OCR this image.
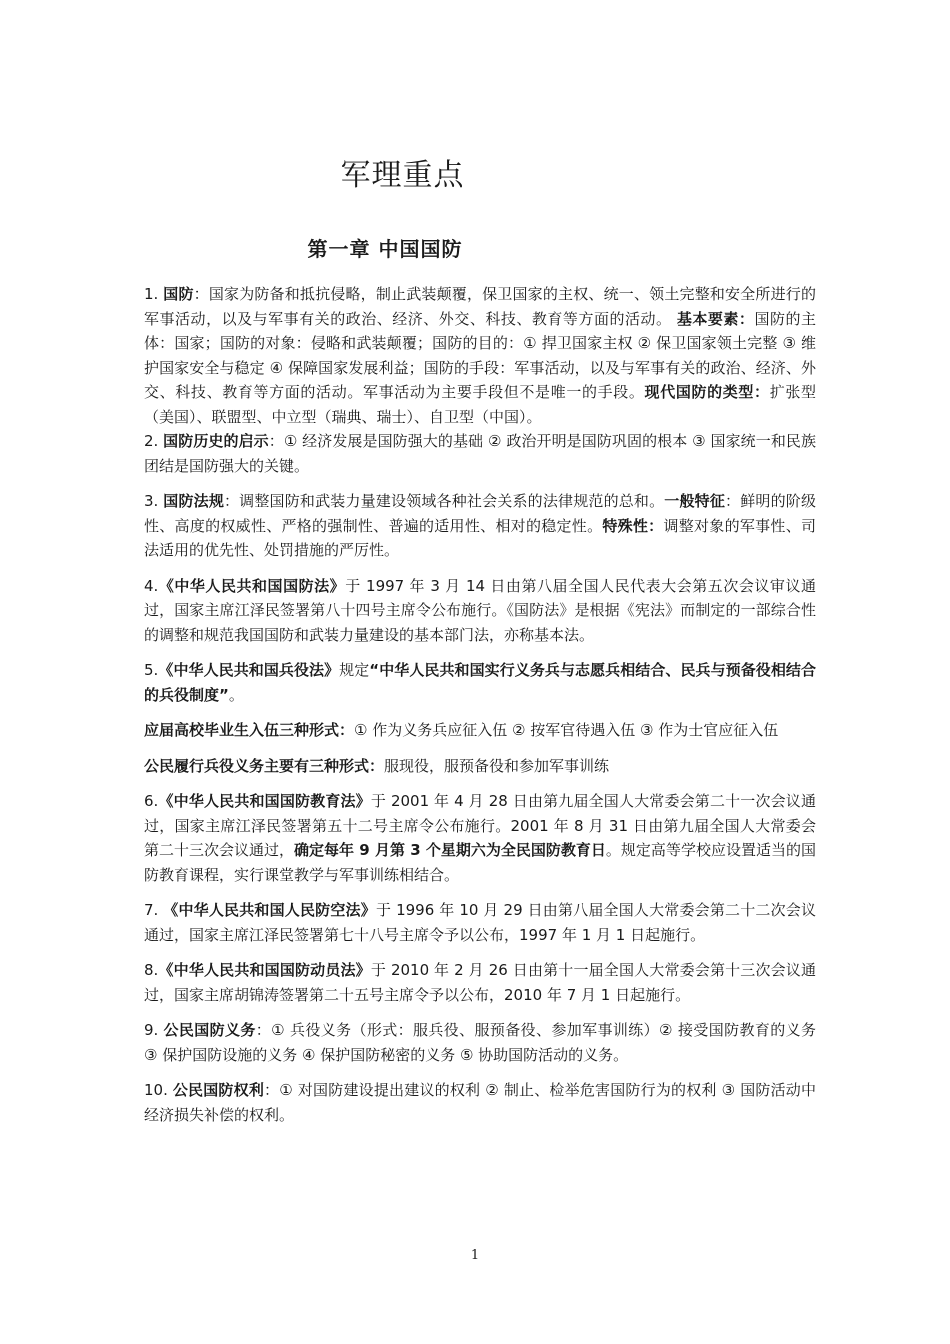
军理重点
第一章 中国国防

1. 国防：国家为防备和抵抗侵略，制止武装颠覆，保卫国家的主权、统一、领土完整和安全所进行的军事活动，以及与军事有关的政治、经济、外交、科技、教育等方面的活动。 基本要素：国防的主体：国家；国防的对象：侵略和武装颠覆；国防的目的：① 捍卫国家主权 ② 保卫国家领土完整 ③ 维护国家安全与稳定 ④ 保障国家发展利益；国防的手段：军事活动，以及与军事有关的政治、经济、外交、科技、教育等方面的活动。军事活动为主要手段但不是唯一的手段。现代国防的类型：扩张型（美国）、联盟型、中立型（瑞典、瑞士）、自卫型（中国）。

2. 国防历史的启示：① 经济发展是国防强大的基础 ② 政治开明是国防巩固的根本 ③ 国家统一和民族团结是国防强大的关键。

3. 国防法规：调整国防和武装力量建设领域各种社会关系的法律规范的总和。一般特征：鲜明的阶级性、高度的权威性、严格的强制性、普遍的适用性、相对的稳定性。特殊性：调整对象的军事性、司法适用的优先性、处罚措施的严厉性。

4.《中华人民共和国国防法》于 1997 年 3 月 14 日由第八届全国人民代表大会第五次会议审议通过，国家主席江泽民签署第八十四号主席令公布施行。《国防法》是根据《宪法》而制定的一部综合性的调整和规范我国国防和武装力量建设的基本部门法，亦称基本法。

5.《中华人民共和国兵役法》规定“中华人民共和国实行义务兵与志愿兵相结合、民兵与预备役相结合的兵役制度”。

应届高校毕业生入伍三种形式：① 作为义务兵应征入伍 ② 按军官待遇入伍 ③ 作为士官应征入伍

公民履行兵役义务主要有三种形式：服现役，服预备役和参加军事训练

6.《中华人民共和国国防教育法》于 2001 年 4 月 28 日由第九届全国人大常委会第二十一次会议通过，国家主席江泽民签署第五十二号主席令公布施行。2001 年 8 月 31 日由第九届全国人大常委会第二十三次会议通过，确定每年 9 月第 3 个星期六为全民国防教育日。规定高等学校应设置适当的国防教育课程，实行课堂教学与军事训练相结合。

7. 《中华人民共和国人民防空法》于 1996 年 10 月 29 日由第八届全国人大常委会第二十二次会议通过，国家主席江泽民签署第七十八号主席令予以公布，1997 年 1 月 1 日起施行。

8.《中华人民共和国国防动员法》于 2010 年 2 月 26 日由第十一届全国人大常委会第十三次会议通过，国家主席胡锦涛签署第二十五号主席令予以公布，2010 年 7 月 1 日起施行。

9. 公民国防义务：① 兵役义务（形式：服兵役、服预备役、参加军事训练）② 接受国防教育的义务 ③ 保护国防设施的义务 ④ 保护国防秘密的义务 ⑤ 协助国防活动的义务。

10. 公民国防权利：① 对国防建设提出建议的权利 ② 制止、检举危害国防行为的权利 ③ 国防活动中经济损失补偿的权利。

1
